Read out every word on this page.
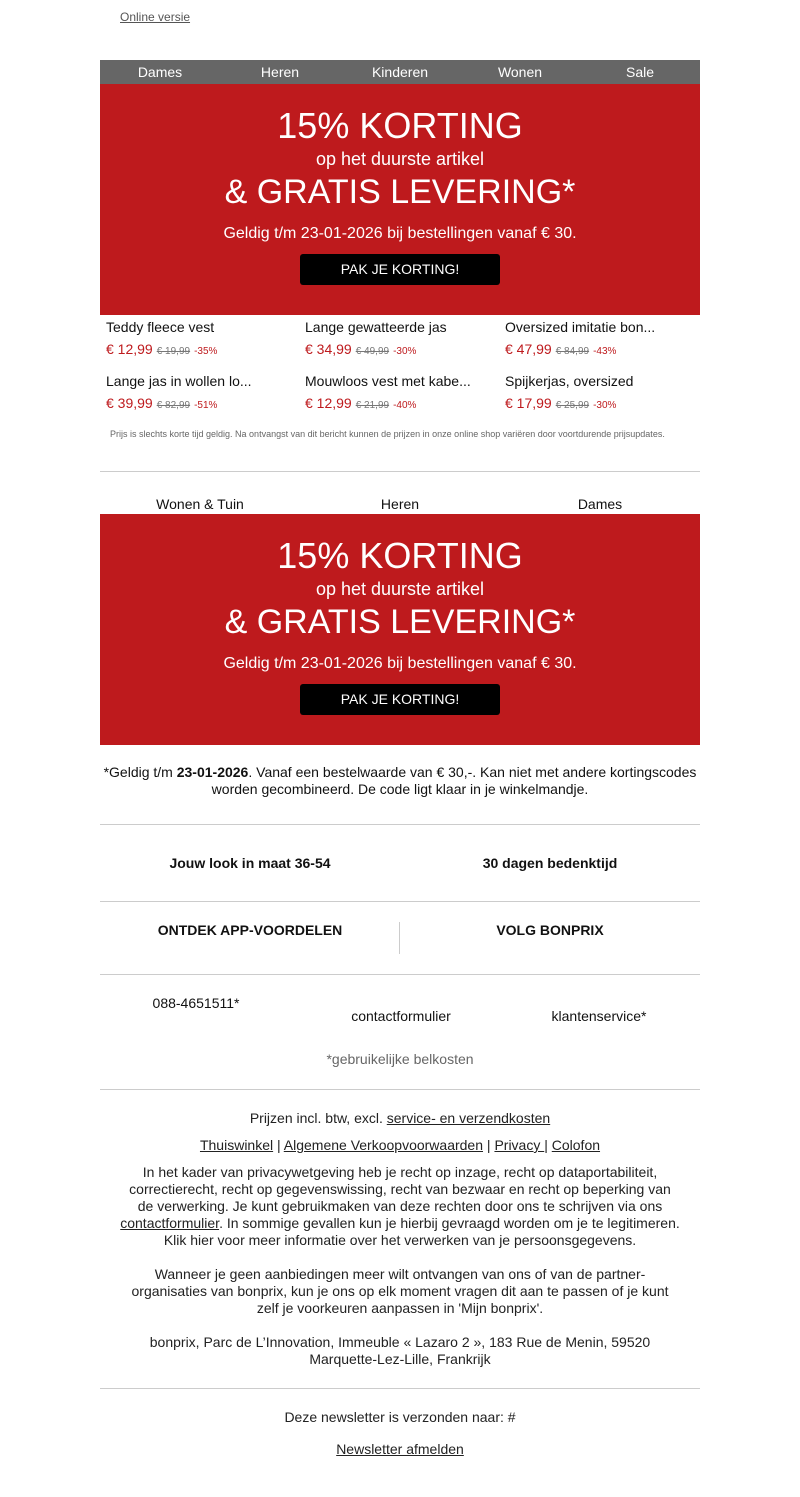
Online versie
Dames	Heren	Kinderen	Wonen	Sale
15% KORTING
op het duurste artikel
& GRATIS LEVERING*
Geldig t/m 23-01-2026 bij bestellingen vanaf € 30.
PAK JE KORTING!
Teddy fleece vest
€ 12,99 € 19,99 -35%
Lange gewatteerde jas
€ 34,99 € 49,99 -30%
Oversized imitatie bon...
€ 47,99 € 84,99 -43%
Lange jas in wollen lo...
€ 39,99 € 82,99 -51%
Mouwloos vest met kabe...
€ 12,99 € 21,99 -40%
Spijkerjas, oversized
€ 17,99 € 25,99 -30%
Prijs is slechts korte tijd geldig. Na ontvangst van dit bericht kunnen de prijzen in onze online shop variëren door voortdurende prijsupdates.
Wonen & Tuin	Heren	Dames
15% KORTING
op het duurste artikel
& GRATIS LEVERING*
Geldig t/m 23-01-2026 bij bestellingen vanaf € 30.
PAK JE KORTING!
*Geldig t/m 23-01-2026. Vanaf een bestelwaarde van € 30,-. Kan niet met andere kortingscodes worden gecombineerd. De code ligt klaar in je winkelmandje.
Jouw look in maat 36-54	30 dagen bedenktijd
ONTDEK APP-VOORDELEN	VOLG BONPRIX
088-4651511*
contactformulier	klantenservice*
*gebruikelijke belkosten
Prijzen incl. btw, excl. service- en verzendkosten
Thuiswinkel | Algemene Verkoopvoorwaarden | Privacy | Colofon
In het kader van privacywetgeving heb je recht op inzage, recht op dataportabiliteit, correctierecht, recht op gegevenswissing, recht van bezwaar en recht op beperking van de verwerking. Je kunt gebruikmaken van deze rechten door ons te schrijven via ons contactformulier. In sommige gevallen kun je hierbij gevraagd worden om je te legitimeren. Klik hier voor meer informatie over het verwerken van je persoonsgegevens.
Wanneer je geen aanbiedingen meer wilt ontvangen van ons of van de partner-organisaties van bonprix, kun je ons op elk moment vragen dit aan te passen of je kunt zelf je voorkeuren aanpassen in 'Mijn bonprix'.
bonprix, Parc de L’Innovation, Immeuble « Lazaro 2 », 183 Rue de Menin, 59520 Marquette-Lez-Lille, Frankrijk
Deze newsletter is verzonden naar: #
Newsletter afmelden
